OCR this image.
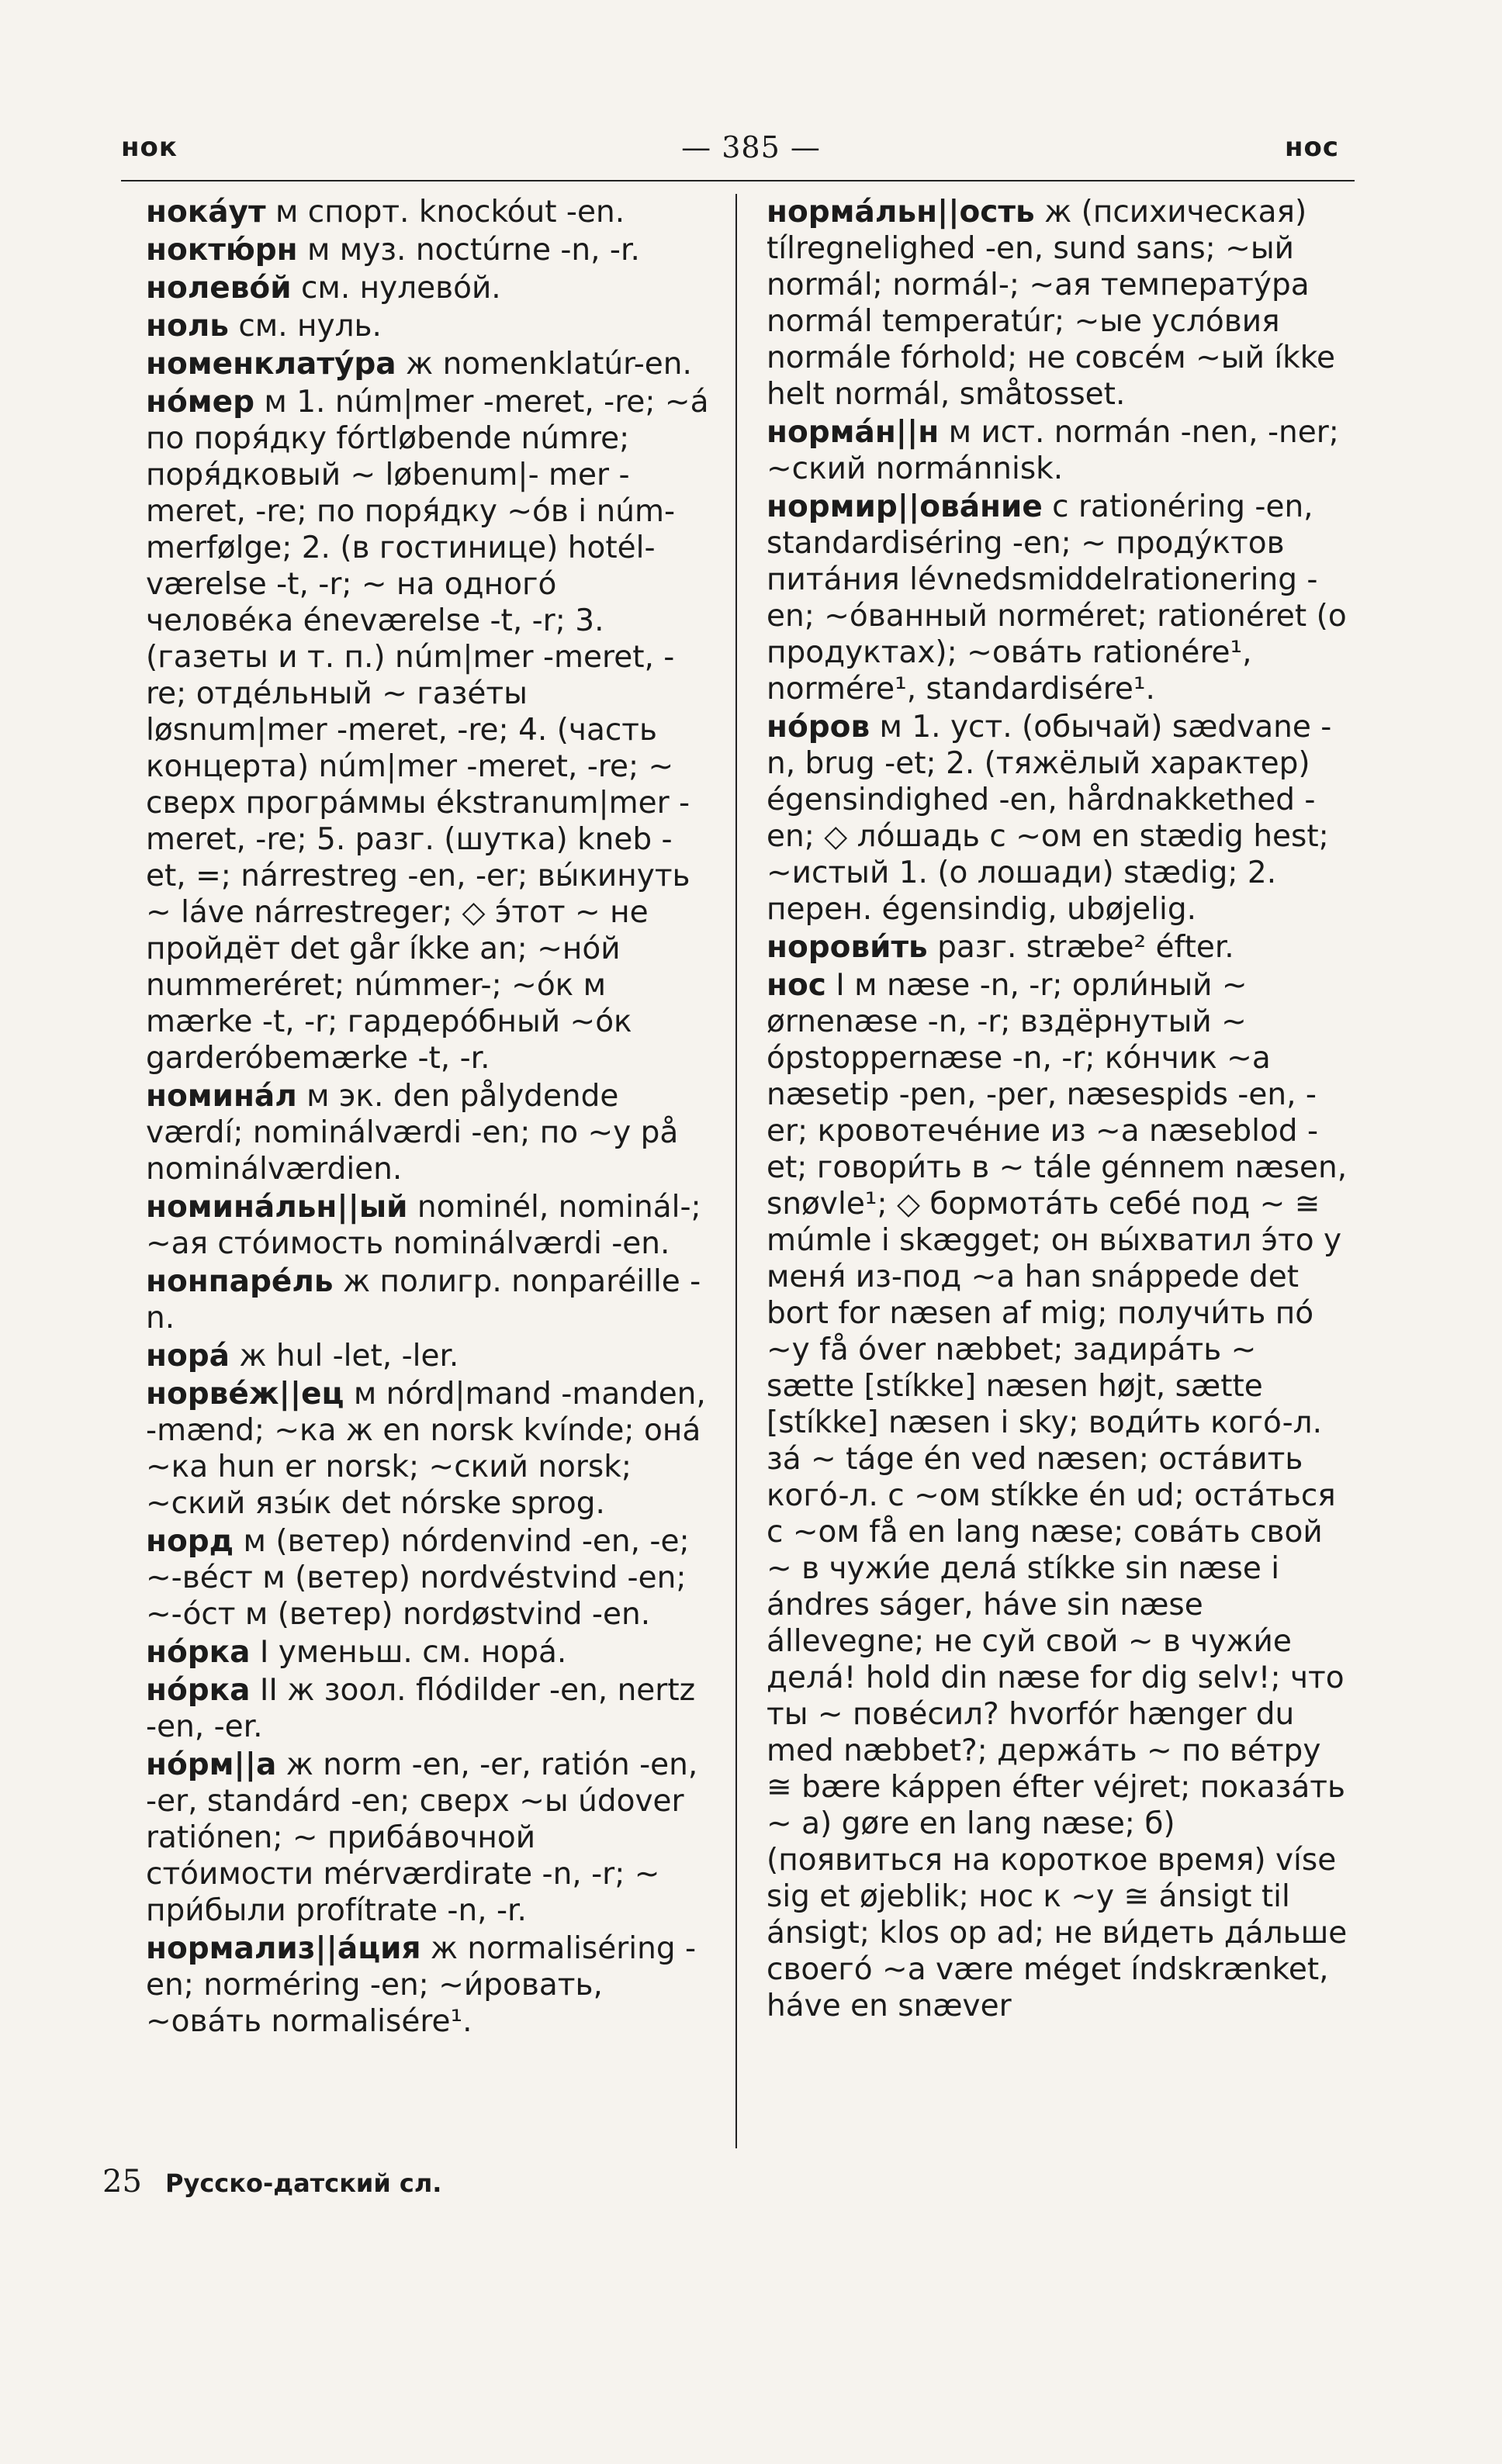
нок	— 385 —	нос
нокáут м спорт. knockóut -en.
ноктю́рн м муз. noctúrne -n, -r.
нолевóй см. нулевóй.
ноль см. нуль.
номенклату́ра ж nomenklatúr-en.
нóмер м 1. núm|mer -meret, -re; ~á по поря́дку fórtløbende númre; поря́дковый ~ løbenum|- mer -meret, -re; по поря́дку ~óв i númmerfølge; 2. (в гостинице) hotélværelse -t, -r; ~ на одногó человéка éneværelse -t, -r; 3. (газеты и т. п.) núm|mer -meret, -re; отдéльный ~ газéты løsnum|mer -meret, -re; 4. (часть концерта) núm|mer -meret, -re; ~ сверх прогрáммы ékstranum|mer -meret, -re; 5. разг. (шутка) kneb -et, =; nárrestreg -en, -er; вы́кинуть ~ láve nárrestreger; ◇ э́тот ~ не пройдёт det går íkke an; ~нóй nummeréret; númmer-; ~óк м mærke -t, -r; гардерóбный ~óк garderóbemærke -t, -r.
номинáл м эк. den pålydende værdí; nominálværdi -en; по ~у på nominálværdien.
номинáльн||ый nominél, nominál-; ~ая стóимость nominálværdi -en.
нонпарéль ж полигр. nonparéille -n.
норá ж hul -let, -ler.
норвéж||ец м nórd|mand -manden, -mænd; ~ка ж en norsk kvínde; онá ~ка hun er norsk; ~ский norsk; ~ский язы́к det nórske sprog.
норд м (ветер) nórdenvind -en, -e; ~-вéст м (ветер) nordvéstvind -en; ~-óст м (ветер) nordøstvind -en.
нóрка I уменьш. см. норá.
нóрка II ж зоол. flódilder -en, nertz -en, -er.
нóрм||а ж norm -en, -er, ratión -en, -er, standárd -en; сверх ~ы údover ratiónen; ~ прибáвочной стóимости mérværdirate -n, -r; ~ при́были profítrate -n, -r.
нормализ||áция ж normaliséring -en; norméring -en; ~и́ровать, ~овáть normalisére¹.
нормáльн||ость ж (психическая) tílregnelighed -en, sund sans; ~ый normál; normál-; ~ая температу́ра normál temperatúr; ~ые услóвия normále fórhold; не совсéм ~ый íkke helt normál, småtosset.
нормáн||н м ист. normán -nen, -ner; ~ский normánnisk.
нормир||овáние с rationéring -en, standardiséring -en; ~ продýктов питáния lévnedsmiddelrationering -en; ~óванный norméret; rationéret (о продуктах); ~овáть rationére¹, normére¹, standardisére¹.
нóров м 1. уст. (обычай) sædvane -n, brug -et; 2. (тяжёлый характер) égensindighed -en, hårdnakkethed -en; ◇ лóшадь с ~ом en stædig hest; ~истый 1. (о лошади) stædig; 2. перен. égensindig, ubøjelig.
норови́ть разг. stræbe² éfter.
нос I м næse -n, -r; орли́ный ~ ørnenæse -n, -r; вздёрнутый ~ ópstoppernæse -n, -r; кóнчик ~а næsetip -pen, -per, næsespids -en, -er; кровотечéние из ~а næseblod -et; говори́ть в ~ tále génnem næsen, snøvle¹; ◇ бормотáть себé под ~ ≅ múmle i skægget; он вы́хватил э́то у меня́ из-под ~а han snáppede det bort for næsen af mig; получи́ть пó ~у få óver næbbet; задирáть ~ sætte [stíkke] næsen højt, sætte [stíkke] næsen i sky; води́ть когó-л. зá ~ táge én ved næsen; остáвить когó-л. с ~ом stíkke én ud; остáться с ~ом få en lang næse; совáть свой ~ в чужи́е делá stíkke sin næse i ándres ságer, háve sin næse állevegne; не суй свой ~ в чужи́е делá! hold din næse for dig selv!; что ты ~ повéсил? hvorfór hænger du med næbbet?; держáть ~ по вéтру ≅ bære káppen éfter véjret; показáть ~ а) gøre en lang næse; б) (появиться на короткое время) víse sig et øjeblik; нос к ~у ≅ ánsigt til ánsigt; klos op ad; не ви́деть дáльше своегó ~а være méget índskrænket, háve en snæver
25 Русско-датский сл.
